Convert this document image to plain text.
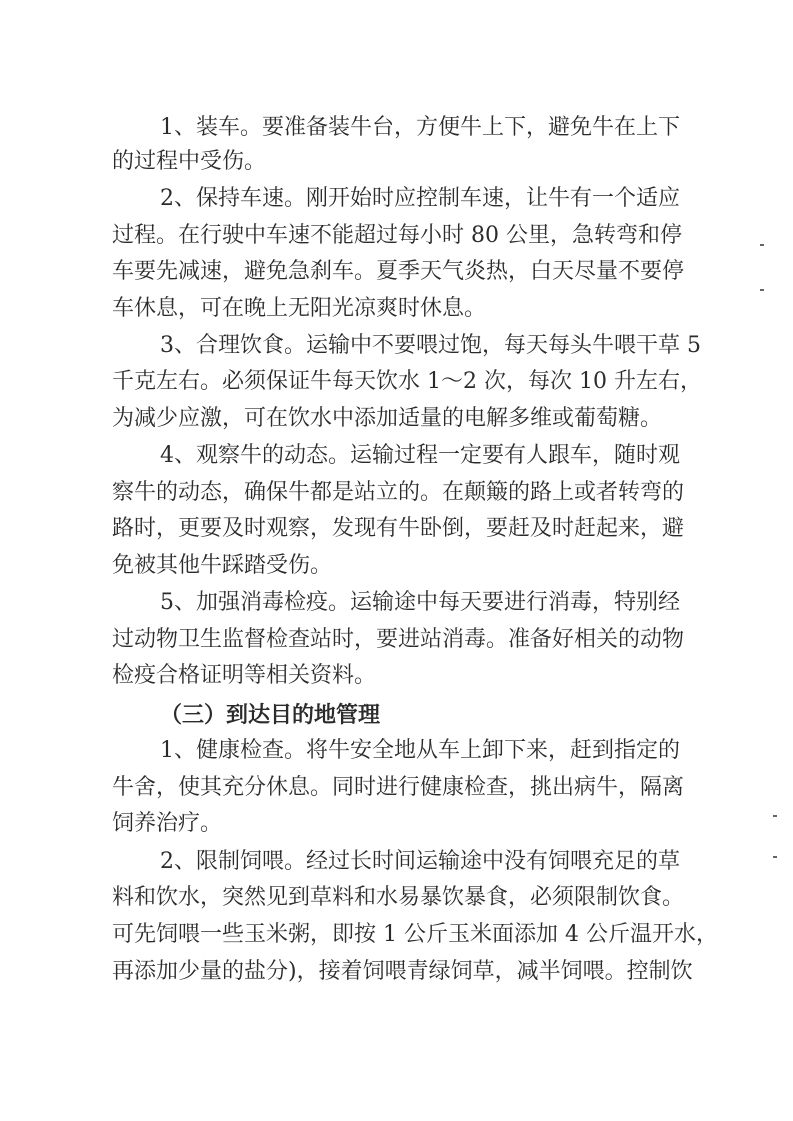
1、装车。要准备装牛台，方便牛上下，避免牛在上下
的过程中受伤。
2、保持车速。刚开始时应控制车速，让牛有一个适应
过程。在行驶中车速不能超过每小时 80 公里，急转弯和停
车要先减速，避免急刹车。夏季天气炎热，白天尽量不要停
车休息，可在晚上无阳光凉爽时休息。
3、合理饮食。运输中不要喂过饱，每天每头牛喂干草 5
千克左右。必须保证牛每天饮水 1～2 次，每次 10 升左右，
为减少应激，可在饮水中添加适量的电解多维或葡萄糖。
4、观察牛的动态。运输过程一定要有人跟车，随时观
察牛的动态，确保牛都是站立的。在颠簸的路上或者转弯的
路时，更要及时观察，发现有牛卧倒，要赶及时赶起来，避
免被其他牛踩踏受伤。
5、加强消毒检疫。运输途中每天要进行消毒，特别经
过动物卫生监督检查站时，要进站消毒。准备好相关的动物
检疫合格证明等相关资料。
（三）到达目的地管理
1、健康检查。将牛安全地从车上卸下来，赶到指定的
牛舍，使其充分休息。同时进行健康检查，挑出病牛，隔离
饲养治疗。
2、限制饲喂。经过长时间运输途中没有饲喂充足的草
料和饮水，突然见到草料和水易暴饮暴食，必须限制饮食。
可先饲喂一些玉米粥，即按 1 公斤玉米面添加 4 公斤温开水，
再添加少量的盐分)，接着饲喂青绿饲草，减半饲喂。控制饮
